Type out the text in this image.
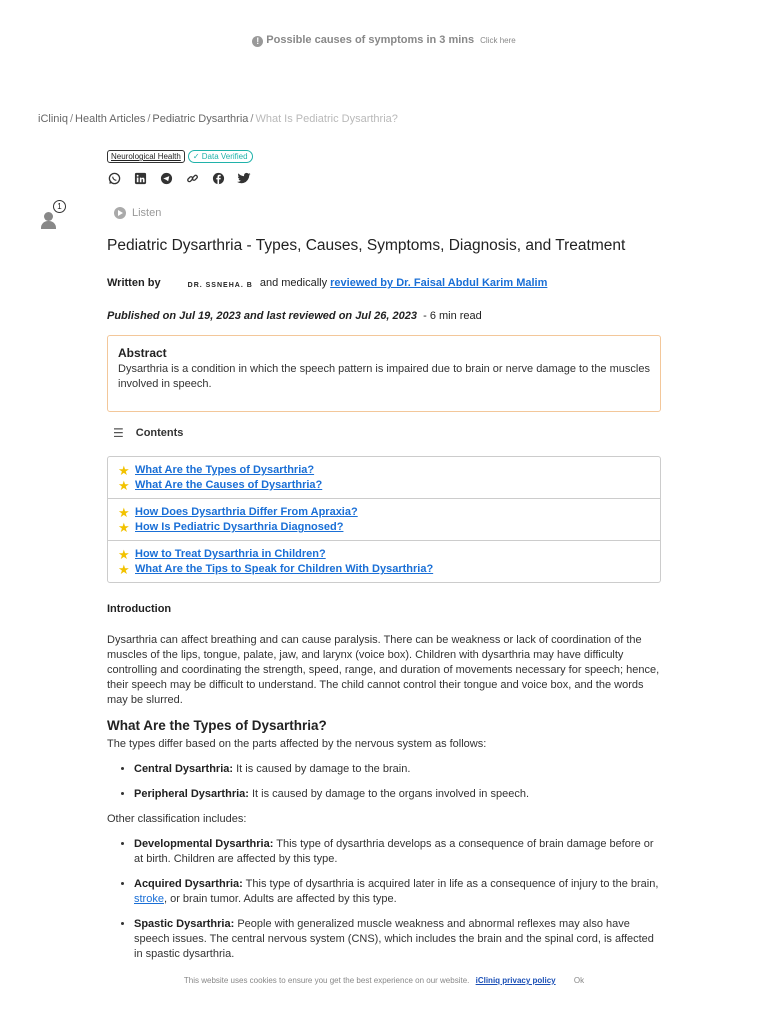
! Possible causes of symptoms in 3 mins Click here
iCliniq / Health Articles / Pediatric Dysarthria / What Is Pediatric Dysarthria?
Neurological Health	✓ Data Verified
1
Listen
Pediatric Dysarthria - Types, Causes, Symptoms, Diagnosis, and Treatment
Written by	DR. SSNEHA. B and medically reviewed by Dr. Faisal Abdul Karim Malim
Published on Jul 19, 2023 and last reviewed on Jul 26, 2023 - 6 min read
Abstract

Dysarthria is a condition in which the speech pattern is impaired due to brain or nerve damage to the muscles involved in speech.

☰ Contents
★ What Are the Types of Dysarthria?
★ What Are the Causes of Dysarthria?
★ How Does Dysarthria Differ From Apraxia?
★ How Is Pediatric Dysarthria Diagnosed?
★ How to Treat Dysarthria in Children?
★ What Are the Tips to Speak for Children With Dysarthria?
Introduction

Dysarthria can affect breathing and can cause paralysis. There can be weakness or lack of coordination of the muscles of the lips, tongue, palate, jaw, and larynx (voice box). Children with dysarthria may have difficulty controlling and coordinating the strength, speed, range, and duration of movements necessary for speech; hence, their speech may be difficult to understand. The child cannot control their tongue and voice box, and the words may be slurred.

What Are the Types of Dysarthria?

The types differ based on the parts affected by the nervous system as follows:

• Central Dysarthria: It is caused by damage to the brain.
• Peripheral Dysarthria: It is caused by damage to the organs involved in speech.

Other classification includes:

• Developmental Dysarthria: This type of dysarthria develops as a consequence of brain damage before or at birth. Children are affected by this type.
• Acquired Dysarthria: This type of dysarthria is acquired later in life as a consequence of injury to the brain, stroke, or brain tumor. Adults are affected by this type.
• Spastic Dysarthria: People with generalized muscle weakness and abnormal reflexes may also have speech issues. The central nervous system (CNS), which includes the brain and the spinal cord, is affected in spastic dysarthria.
This website uses cookies to ensure you get the best experience on our website. iCliniq privacy policy Ok
